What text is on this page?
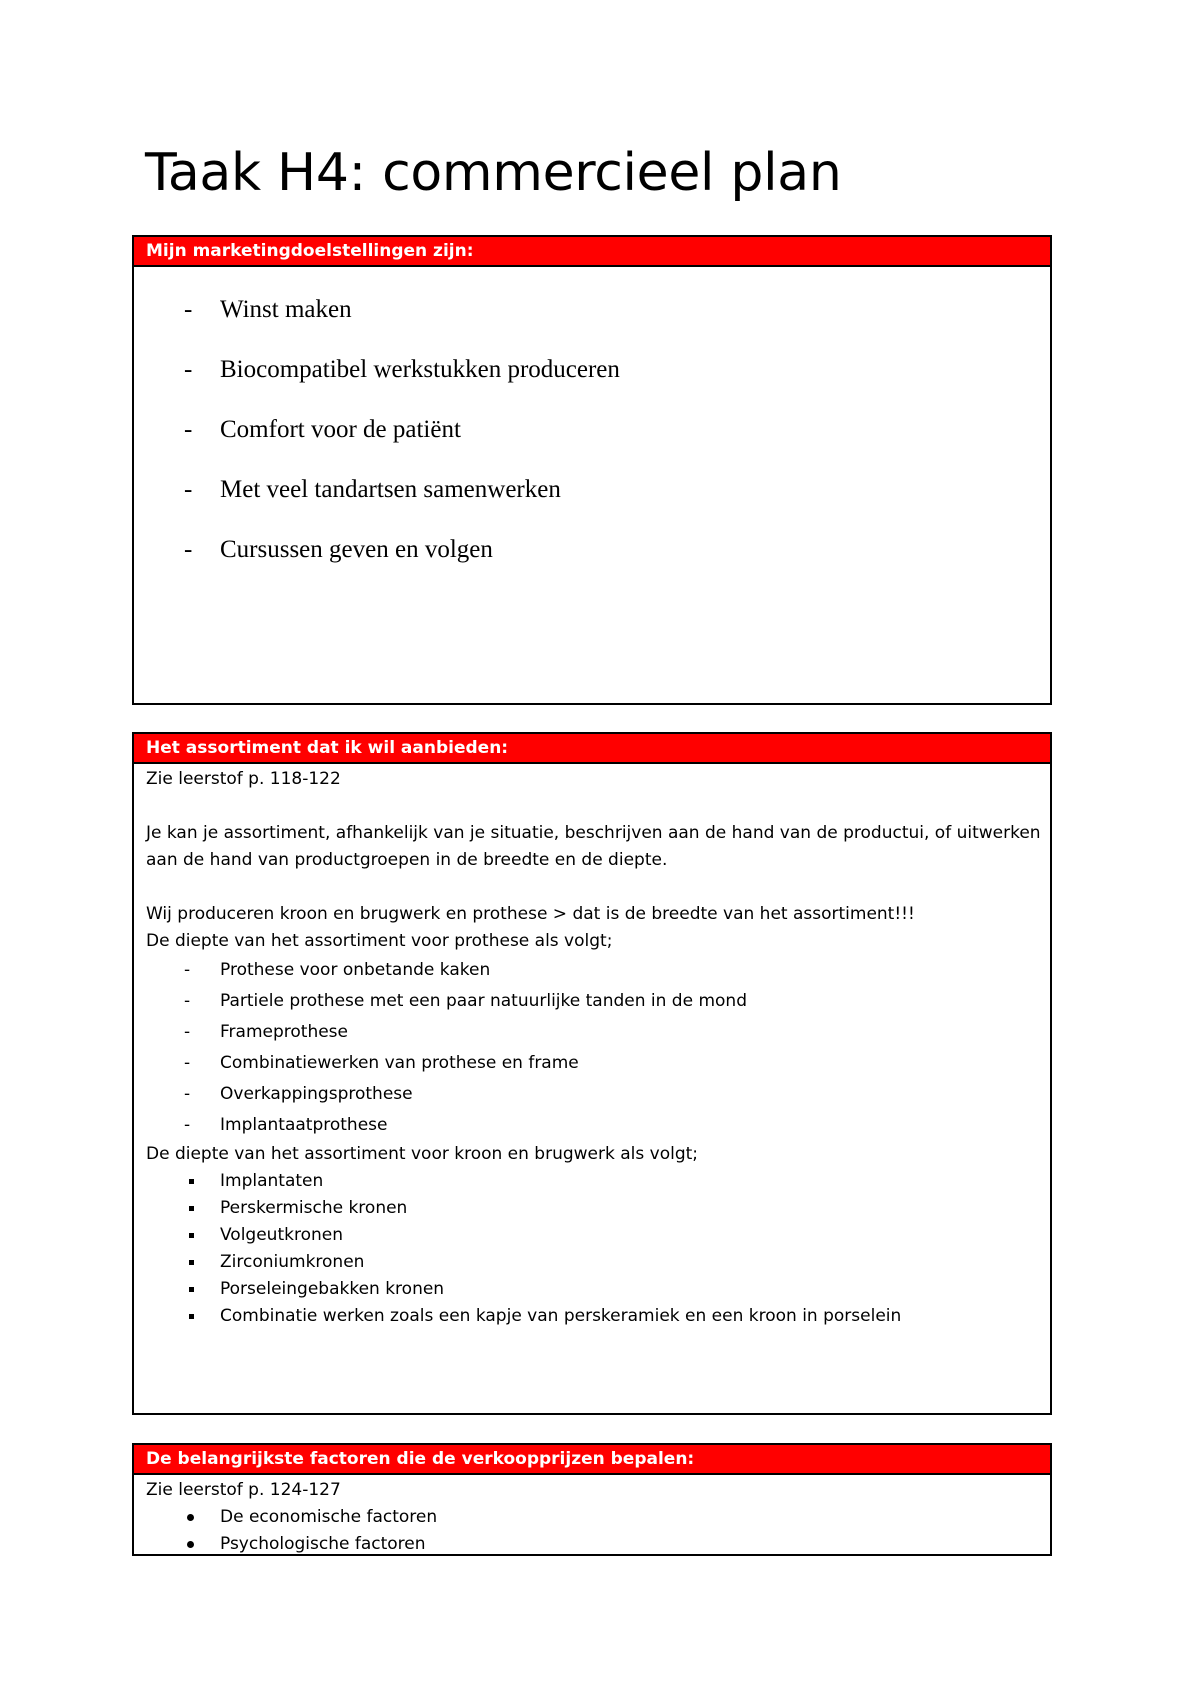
Taak H4: commercieel plan
Mijn marketingdoelstellingen zijn:
- Winst maken
- Biocompatibel werkstukken produceren
- Comfort voor de patiënt
- Met veel tandartsen samenwerken
- Cursussen geven en volgen
Het assortiment dat ik wil aanbieden:

Zie leerstof p. 118-122

Je kan je assortiment, afhankelijk van je situatie, beschrijven aan de hand van de productui, of uitwerken aan de hand van productgroepen in de breedte en de diepte.

Wij produceren kroon en brugwerk en prothese > dat is de breedte van het assortiment!!!

De diepte van het assortiment voor prothese als volgt;

- Prothese voor onbetande kaken
- Partiele prothese met een paar natuurlijke tanden in de mond
- Frameprothese
- Combinatiewerken van prothese en frame
- Overkappingsprothese
- Implantaatprothese

De diepte van het assortiment voor kroon en brugwerk als volgt;

Implantaten
Perskermische kronen
Volgeutkronen
Zirconiumkronen
Porseleingebakken kronen
Combinatie werken zoals een kapje van perskeramiek en een kroon in porselein
De belangrijkste factoren die de verkoopprijzen bepalen:

Zie leerstof p. 124-127

De economische factoren
Psychologische factoren
